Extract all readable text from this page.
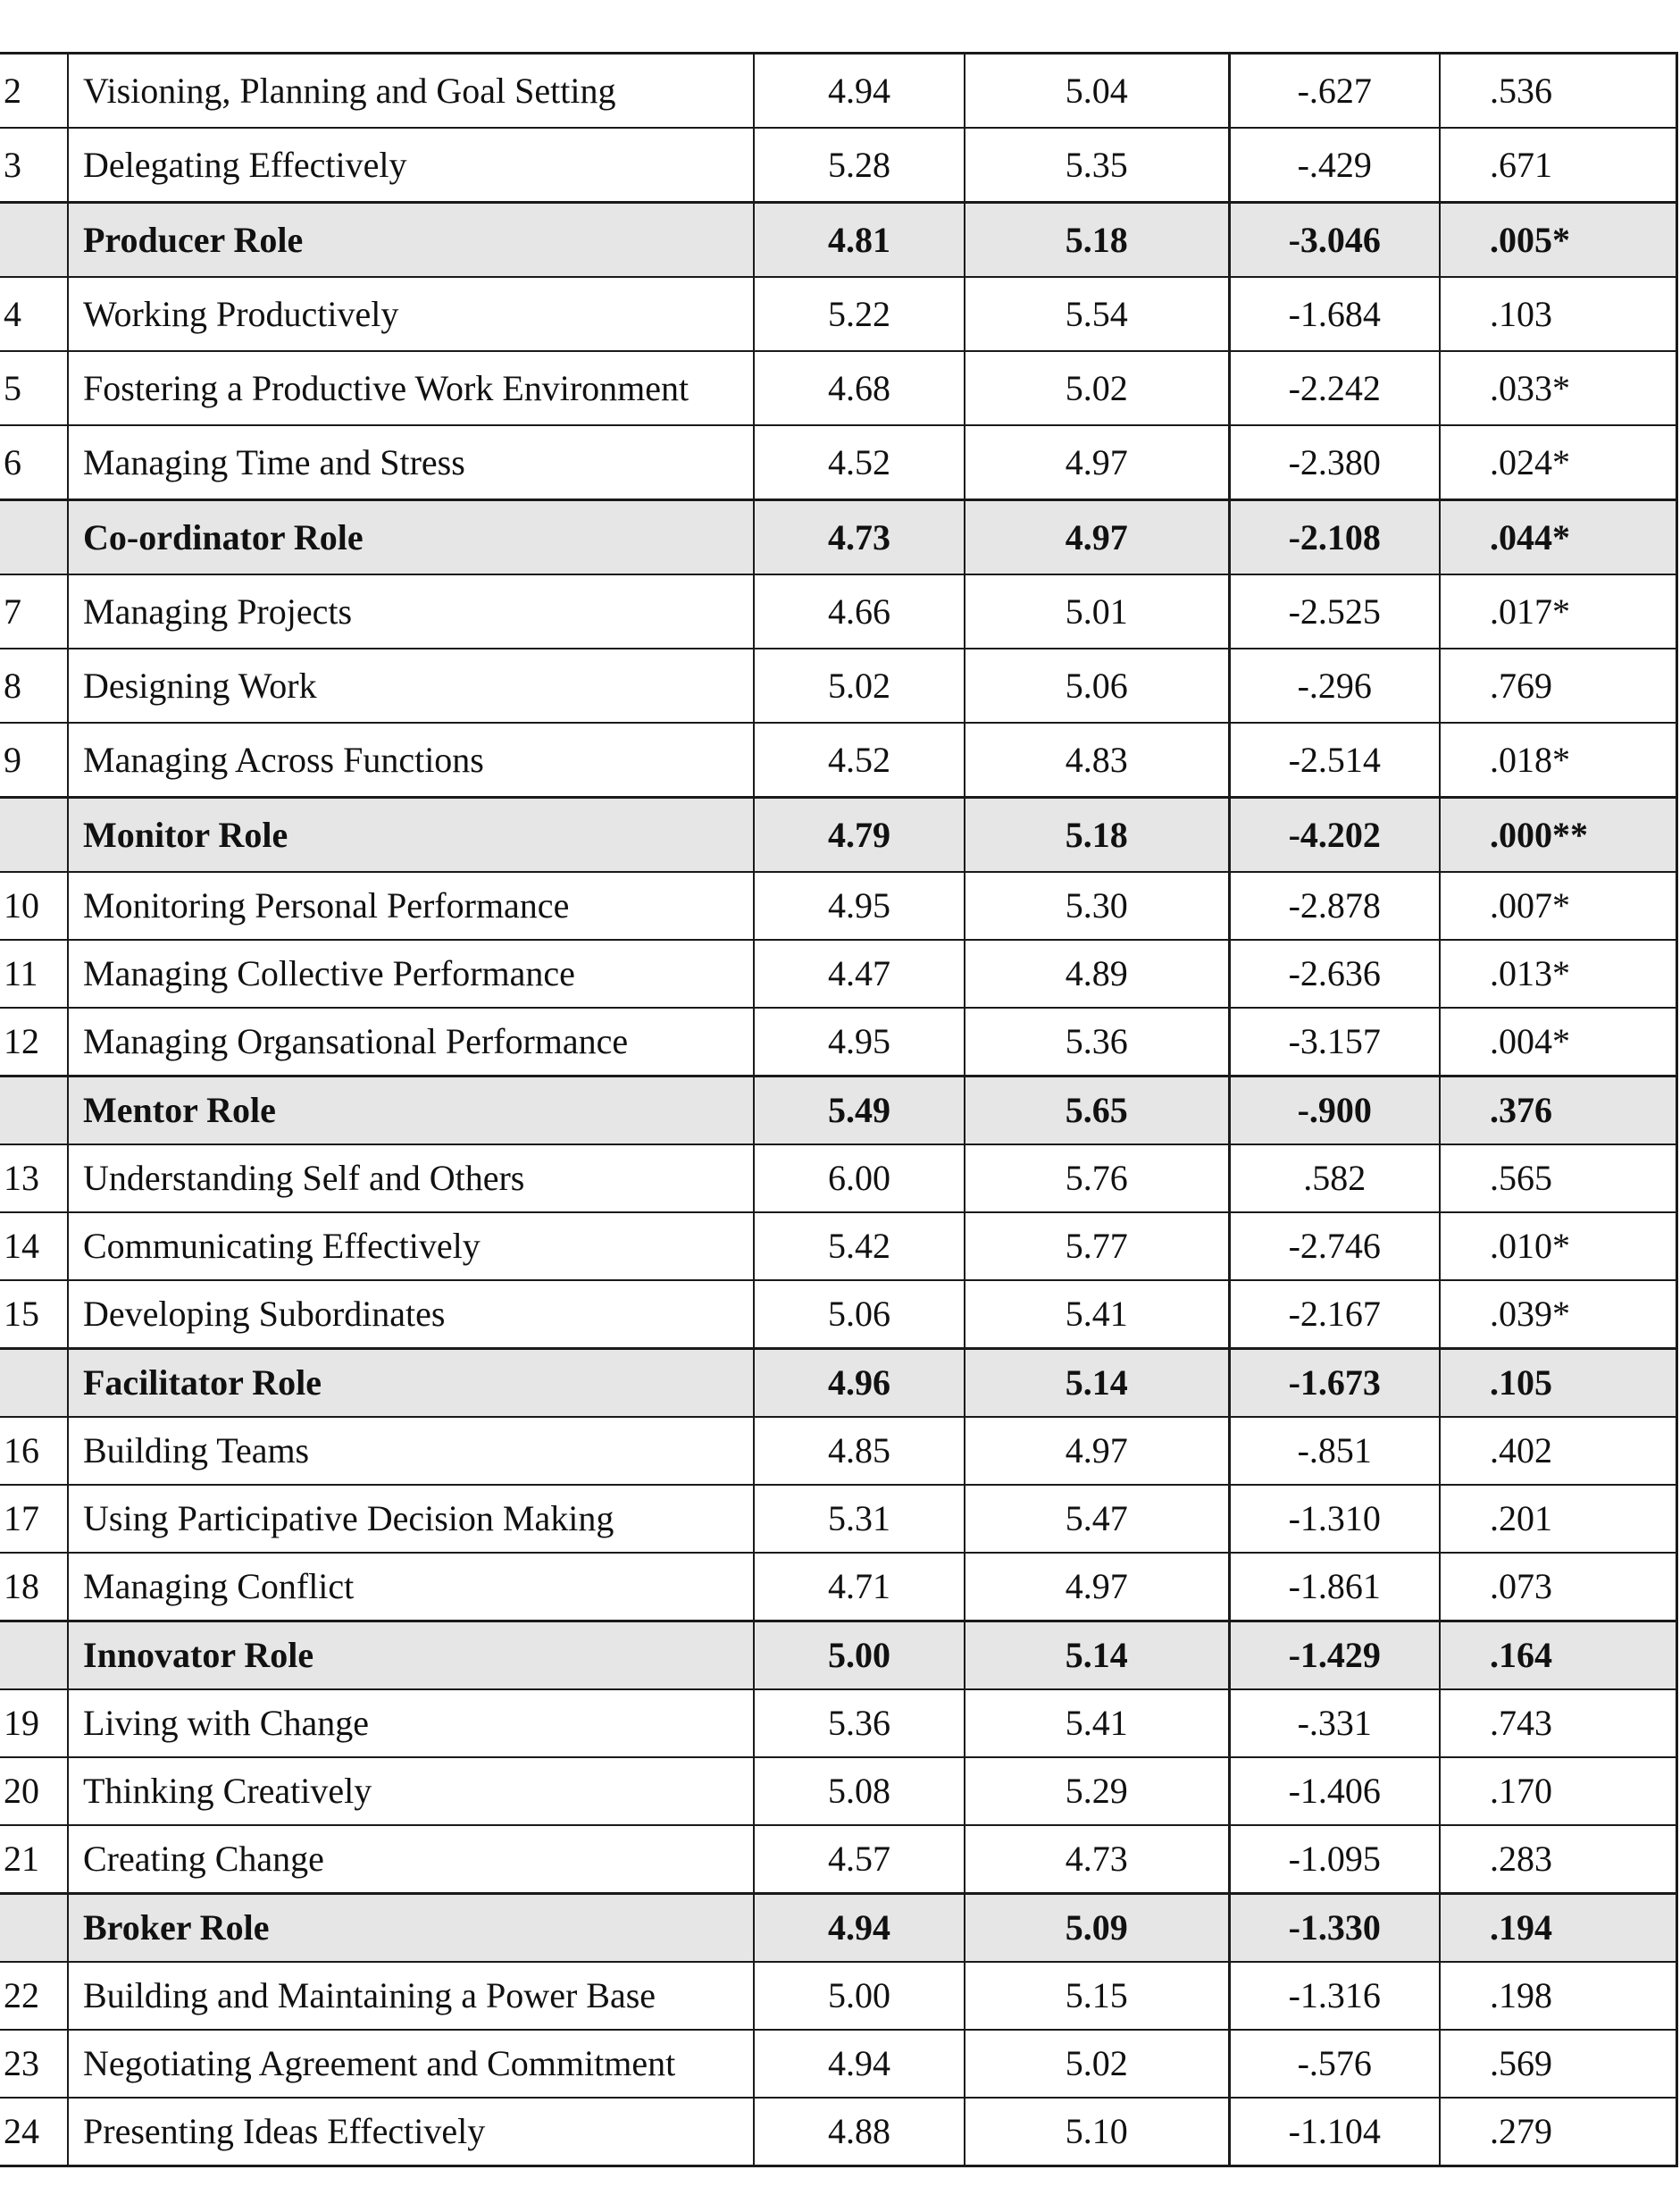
2	Visioning, Planning and Goal Setting	4.94	5.04	-.627	.536
3	Delegating Effectively	5.28	5.35	-.429	.671
	Producer Role	4.81	5.18	-3.046	.005*
4	Working Productively	5.22	5.54	-1.684	.103
5	Fostering a Productive Work Environment	4.68	5.02	-2.242	.033*
6	Managing Time and Stress	4.52	4.97	-2.380	.024*
	Co-ordinator Role	4.73	4.97	-2.108	.044*
7	Managing Projects	4.66	5.01	-2.525	.017*
8	Designing Work	5.02	5.06	-.296	.769
9	Managing Across Functions	4.52	4.83	-2.514	.018*
	Monitor Role	4.79	5.18	-4.202	.000**
10	Monitoring Personal Performance	4.95	5.30	-2.878	.007*
11	Managing Collective Performance	4.47	4.89	-2.636	.013*
12	Managing Organsational Performance	4.95	5.36	-3.157	.004*
	Mentor Role	5.49	5.65	-.900	.376
13	Understanding Self and Others	6.00	5.76	.582	.565
14	Communicating Effectively	5.42	5.77	-2.746	.010*
15	Developing Subordinates	5.06	5.41	-2.167	.039*
	Facilitator Role	4.96	5.14	-1.673	.105
16	Building Teams	4.85	4.97	-.851	.402
17	Using Participative Decision Making	5.31	5.47	-1.310	.201
18	Managing Conflict	4.71	4.97	-1.861	.073
	Innovator Role	5.00	5.14	-1.429	.164
19	Living with Change	5.36	5.41	-.331	.743
20	Thinking Creatively	5.08	5.29	-1.406	.170
21	Creating Change	4.57	4.73	-1.095	.283
	Broker Role	4.94	5.09	-1.330	.194
22	Building and Maintaining a Power Base	5.00	5.15	-1.316	.198
23	Negotiating Agreement and Commitment	4.94	5.02	-.576	.569
24	Presenting Ideas Effectively	4.88	5.10	-1.104	.279
